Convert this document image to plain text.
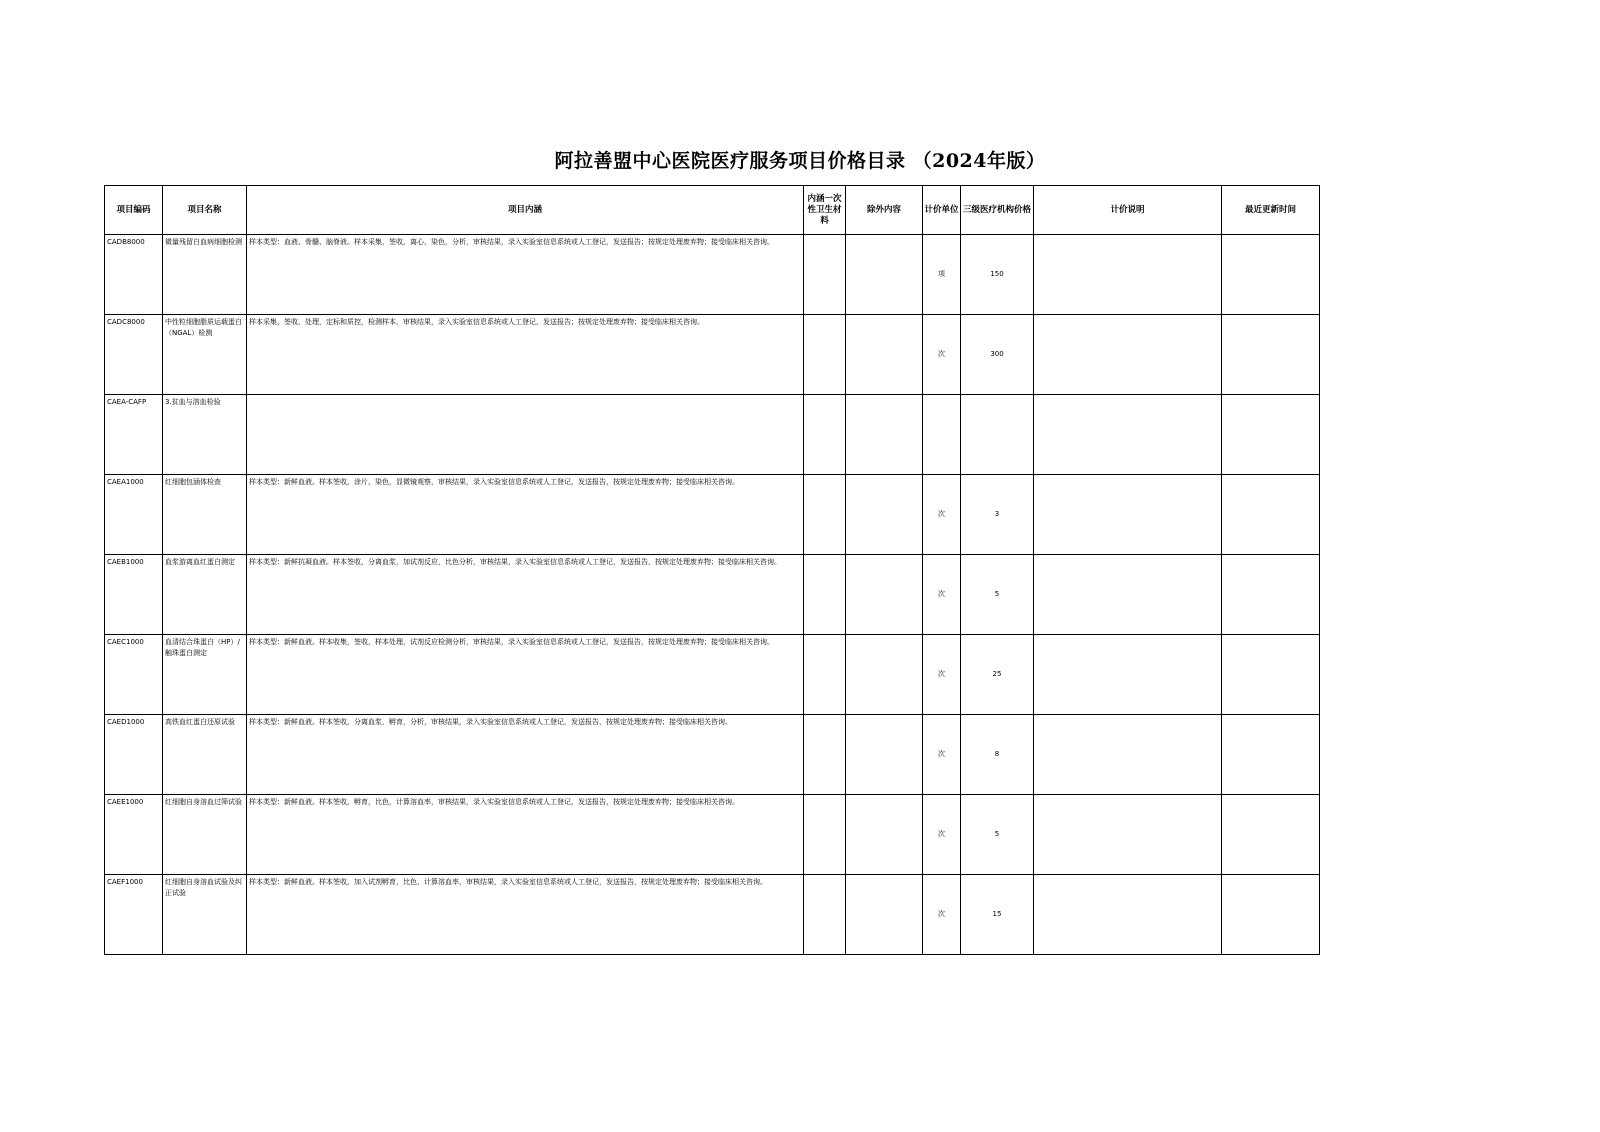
阿拉善盟中心医院医疗服务项目价格目录 （2024年版）
项目编码	项目名称	项目内涵	内涵一次性卫生材料	除外内容	计价单位	三级医疗机构价格	计价说明	最近更新时间
CADB8000	微量残留白血病细胞检测	样本类型：血液、骨髓、脑脊液。样本采集，签收，离心，染色，分析，审核结果，录入实验室信息系统或人工登记，发送报告；按规定处理废弃物；接受临床相关咨询。			项	150		
CADC8000	中性粒细胞脂质运载蛋白（NGAL）检测	样本采集，签收，处理，定标和质控，检测样本，审核结果，录入实验室信息系统或人工登记，发送报告；按规定处理废弃物；接受临床相关咨询。			次	300		
CAEA-CAFP	3.贫血与溶血检验							
CAEA1000	红细胞包涵体检查	样本类型：新鲜血液。样本签收，涂片，染色，显微镜观察，审核结果，录入实验室信息系统或人工登记，发送报告，按规定处理废弃物；接受临床相关咨询。			次	3		
CAEB1000	血浆游离血红蛋白测定	样本类型：新鲜抗凝血液。样本签收，分离血浆，加试剂反应，比色分析，审核结果，录入实验室信息系统或人工登记，发送报告，按规定处理废弃物；接受临床相关咨询。			次	5		
CAEC1000	血清结合珠蛋白（HP）/触珠蛋白测定	样本类型：新鲜血液。样本收集，签收，样本处理，试剂反应检测分析，审核结果，录入实验室信息系统或人工登记，发送报告，按规定处理废弃物；接受临床相关咨询。			次	25		
CAED1000	高铁血红蛋白还原试验	样本类型：新鲜血液。样本签收，分离血浆，孵育，分析，审核结果，录入实验室信息系统或人工登记，发送报告，按规定处理废弃物；接受临床相关咨询。			次	8		
CAEE1000	红细胞自身溶血过筛试验	样本类型：新鲜血液。样本签收，孵育，比色，计算溶血率，审核结果，录入实验室信息系统或人工登记，发送报告，按规定处理废弃物；接受临床相关咨询。			次	5		
CAEF1000	红细胞自身溶血试验及纠正试验	样本类型：新鲜血液。样本签收，加入试剂孵育，比色，计算溶血率，审核结果，录入实验室信息系统或人工登记，发送报告，按规定处理废弃物；接受临床相关咨询。			次	15		
